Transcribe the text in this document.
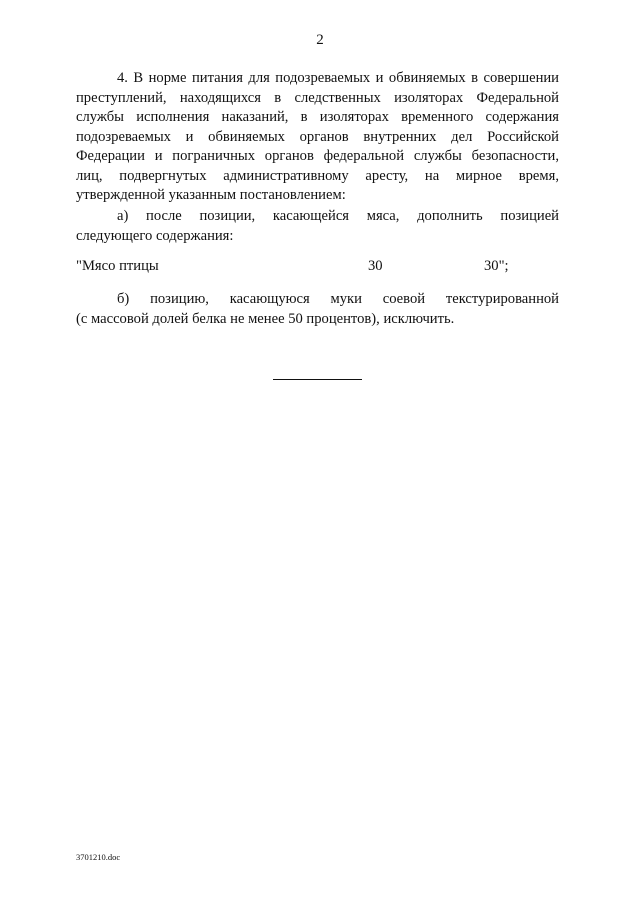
2
4. В норме питания для подозреваемых и обвиняемых в совершении
преступлений, находящихся в следственных изоляторах Федеральной
службы исполнения наказаний, в изоляторах временного содержания
подозреваемых и обвиняемых органов внутренних дел Российской
Федерации и пограничных органов федеральной службы безопасности,
лиц, подвергнутых административному аресту, на мирное время,
утвержденной указанным постановлением:
а) после позиции, касающейся мяса, дополнить позицией
следующего содержания:
"Мясо птицы	30	30";
б) позицию, касающуюся муки соевой текстурированной
(с массовой долей белка не менее 50 процентов), исключить.
3701210.doc
